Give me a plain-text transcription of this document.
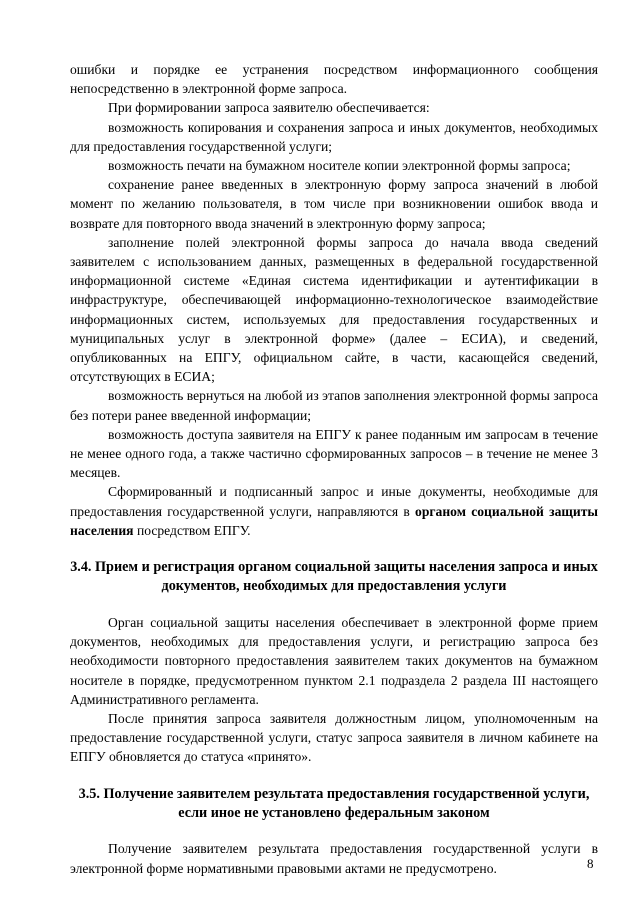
ошибки и порядке ее устранения посредством информационного сообщения непосредственно в электронной форме запроса.

При формировании запроса заявителю обеспечивается:

возможность копирования и сохранения запроса и иных документов, необходимых для предоставления государственной услуги;

возможность печати на бумажном носителе копии электронной формы запроса;

сохранение ранее введенных в электронную форму запроса значений в любой момент по желанию пользователя, в том числе при возникновении ошибок ввода и возврате для повторного ввода значений в электронную форму запроса;

заполнение полей электронной формы запроса до начала ввода сведений заявителем с использованием данных, размещенных в федеральной государственной информационной системе «Единая система идентификации и аутентификации в инфраструктуре, обеспечивающей информационно-технологическое взаимодействие информационных систем, используемых для предоставления государственных и муниципальных услуг в электронной форме» (далее – ЕСИА), и сведений, опубликованных на ЕПГУ, официальном сайте, в части, касающейся сведений, отсутствующих в ЕСИА;

возможность вернуться на любой из этапов заполнения электронной формы запроса без потери ранее введенной информации;

возможность доступа заявителя на ЕПГУ к ранее поданным им запросам в течение не менее одного года, а также частично сформированных запросов – в течение не менее 3 месяцев.

Сформированный и подписанный запрос и иные документы, необходимые для предоставления государственной услуги, направляются в органом социальной защиты населения посредством ЕПГУ.

3.4. Прием и регистрация органом социальной защиты населения запроса и иных документов, необходимых для предоставления услуги

Орган социальной защиты населения обеспечивает в электронной форме прием документов, необходимых для предоставления услуги, и регистрацию запроса без необходимости повторного предоставления заявителем таких документов на бумажном носителе в порядке, предусмотренном пунктом 2.1 подраздела 2 раздела III настоящего Административного регламента.

После принятия запроса заявителя должностным лицом, уполномоченным на предоставление государственной услуги, статус запроса заявителя в личном кабинете на ЕПГУ обновляется до статуса «принято».

3.5. Получение заявителем результата предоставления государственной услуги, если иное не установлено федеральным законом

Получение заявителем результата предоставления государственной услуги в электронной форме нормативными правовыми актами не предусмотрено.	8
